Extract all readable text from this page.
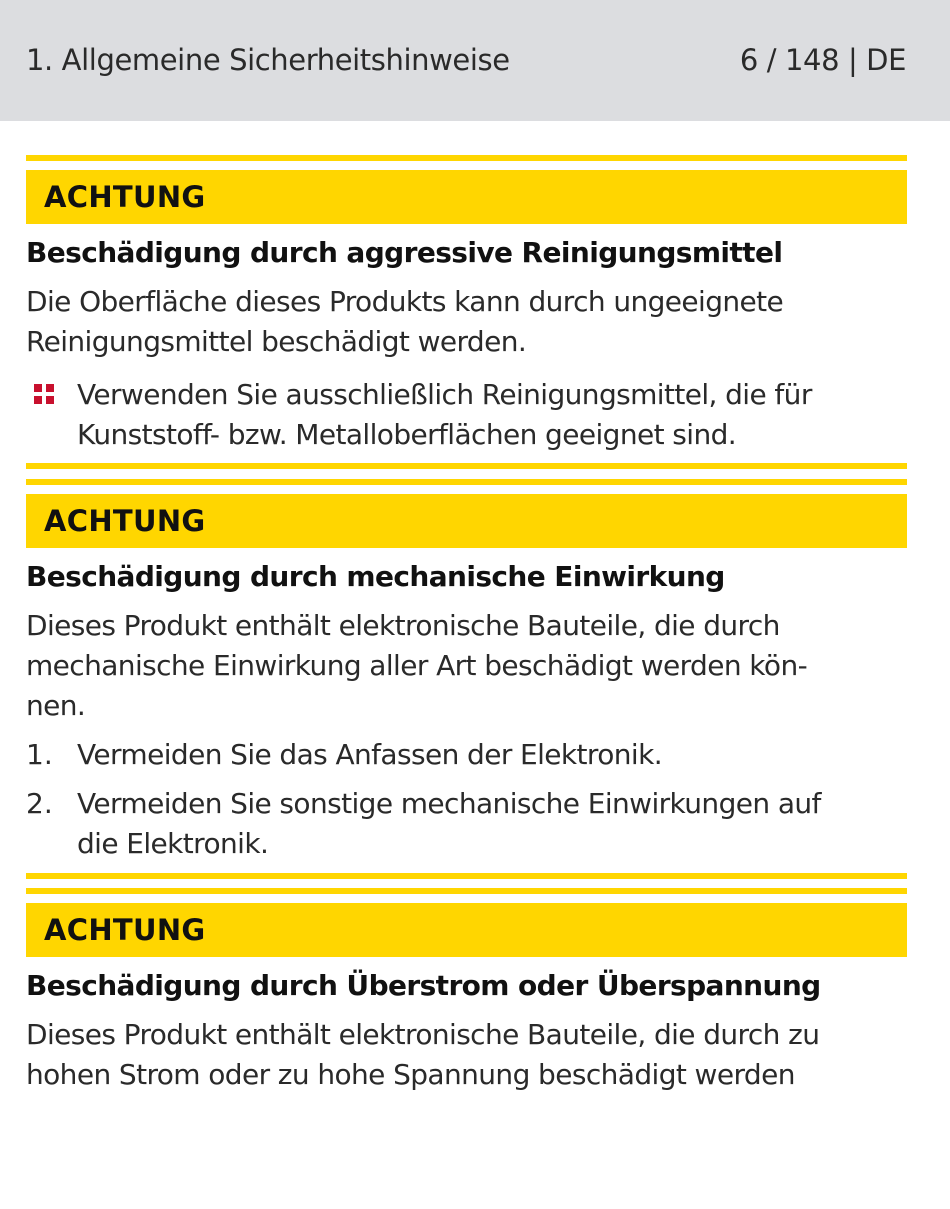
1. Allgemeine Sicherheitshinweise	6 / 148 | DE
ACHTUNG
Beschädigung durch aggressive Reinigungsmittel
Die Oberfläche dieses Produkts kann durch ungeeignete
Reinigungsmittel beschädigt werden.
Verwenden Sie ausschließlich Reinigungsmittel, die für
Kunststoff- bzw. Metalloberflächen geeignet sind.
ACHTUNG
Beschädigung durch mechanische Einwirkung
Dieses Produkt enthält elektronische Bauteile, die durch
mechanische Einwirkung aller Art beschädigt werden kön-
nen.
1. Vermeiden Sie das Anfassen der Elektronik.
2. Vermeiden Sie sonstige mechanische Einwirkungen auf
die Elektronik.
ACHTUNG
Beschädigung durch Überstrom oder Überspannung
Dieses Produkt enthält elektronische Bauteile, die durch zu
hohen Strom oder zu hohe Spannung beschädigt werden
